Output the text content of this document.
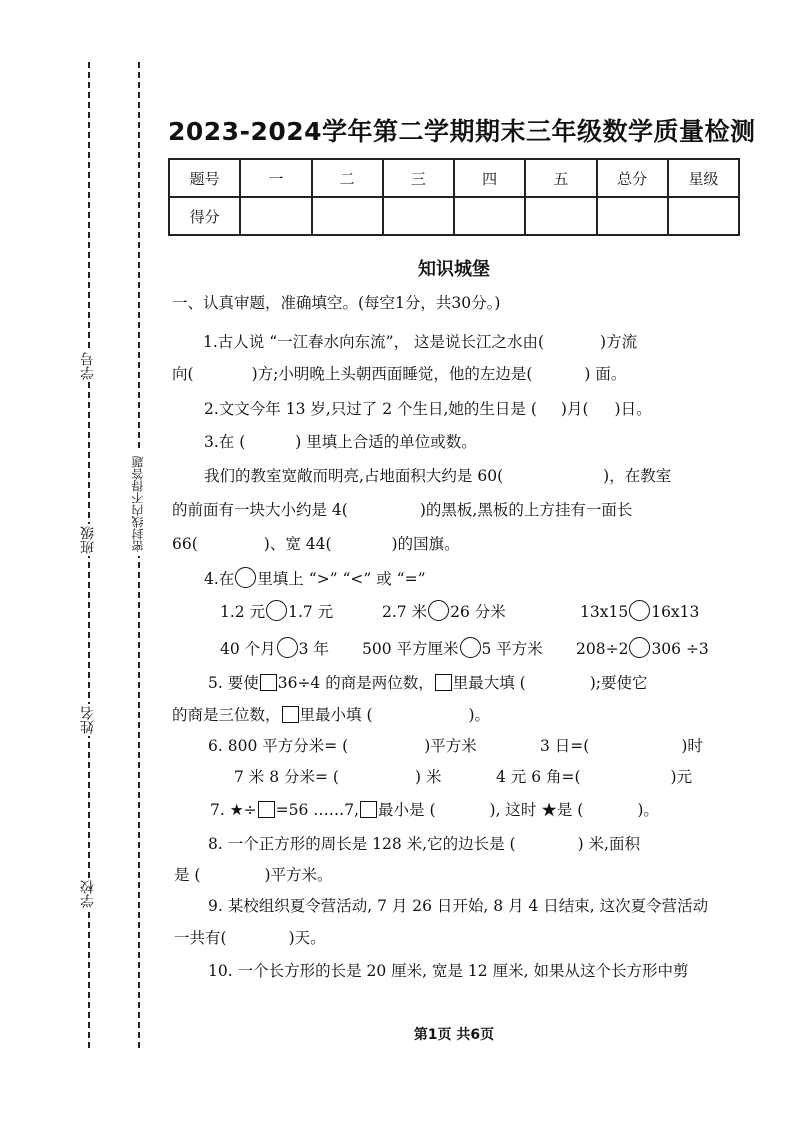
学号
班级
姓名
学校
密封线内不得答题
2023-2024学年第二学期期末三年级数学质量检测
题号	一	二	三	四	五	总分	星级
得分							
知识城堡
一、认真审题，准确填空。(每空1分，共30分。)
1.古人说 “一江春水向东流”， 这是说长江之水由(	)方流
向(	)方;小明晚上头朝西面睡觉，他的左边是(	) 面。
2.文文今年 13 岁,只过了 2 个生日,她的生日是 ( )月( )日。
3.在 (	) 里填上合适的单位或数。
我们的教室宽敞而明亮,占地面积大约是 60(	)，在教室
的前面有一块大小约是 4(	)的黑板,黑板的上方挂有一面长
66(	)、宽 44(	)的国旗。
4.在 里填上 “>” “<” 或 “=”
1.2 元 1.7 元	2.7 米 26 分米	13x15 16x13
40 个月 3 年 500 平方厘米 5 平方米 208÷2 306 ÷3
5. 要使 36÷4 的商是两位数， 里最大填 (	);要使它
的商是三位数， 里最小填 (	)。
6. 800 平方分米= (	)平方米	3 日=(	)时
7 米 8 分米= (	) 米	4 元 6 角=(	)元
7. ★÷ =56 ……7, 最小是 (	), 这时 ★是 (	)。
8. 一个正方形的周长是 128 米,它的边长是 (	) 米,面积
是 (	)平方米。
9. 某校组织夏令营活动, 7 月 26 日开始, 8 月 4 日结束, 这次夏令营活动
一共有(	)天。
10. 一个长方形的长是 20 厘米, 宽是 12 厘米, 如果从这个长方形中剪
第1页 共6页
